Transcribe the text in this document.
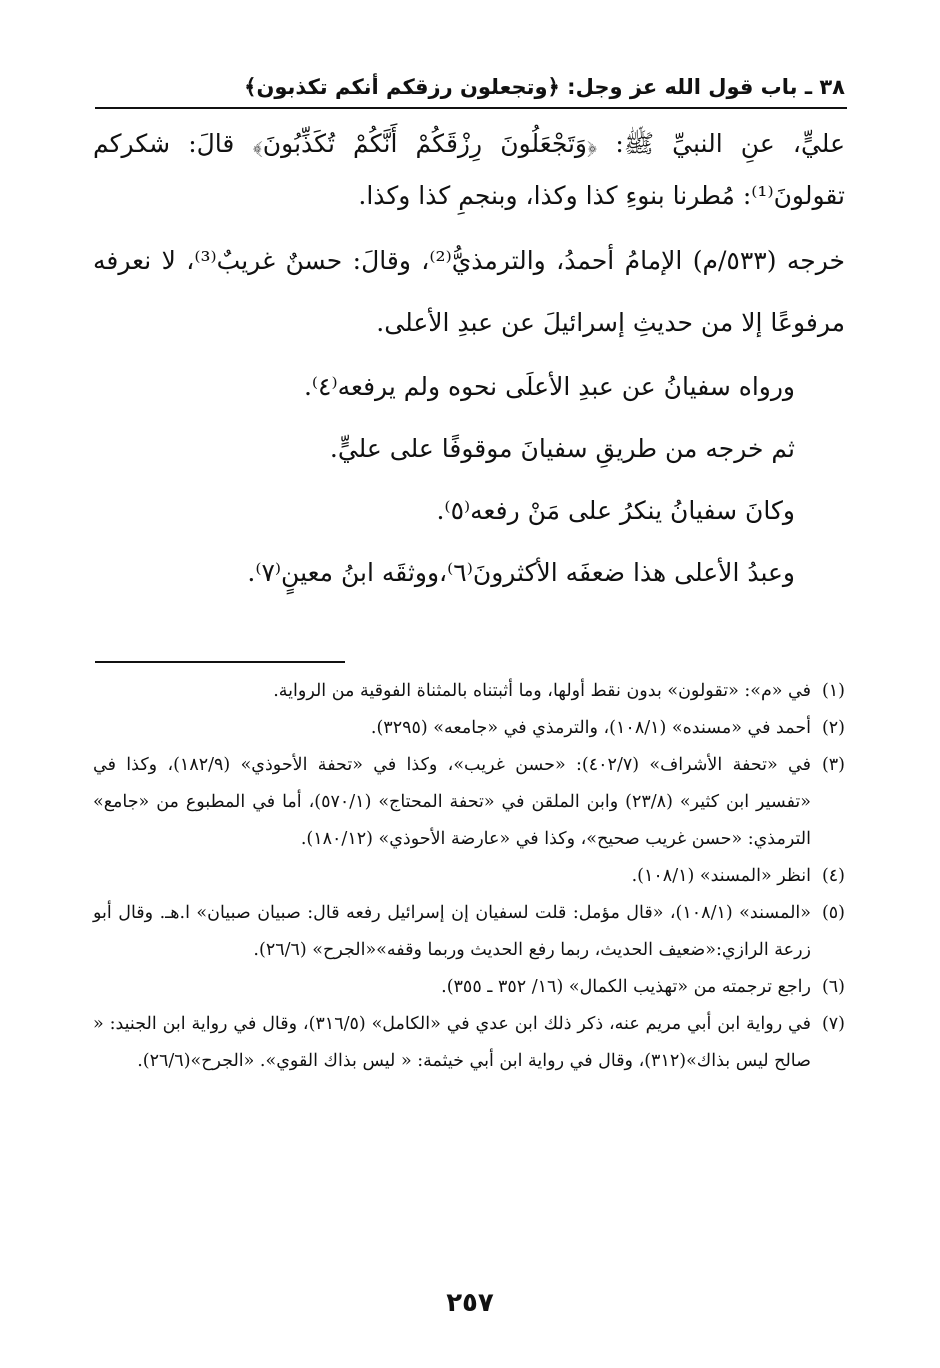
٣٨ ـ باب قول الله عز وجل: ﴿وتجعلون رزقكم أنكم تكذبون﴾

عليٍّ، عنِ النبيِّ ﷺ: ﴿وَتَجْعَلُونَ رِزْقَكُمْ أَنَّكُمْ تُكَذِّبُونَ﴾ قالَ: شكركم تقولونَ⁽¹⁾: مُطرنا بنوءِ كذا وكذا، وبنجمِ كذا وكذا.

خرجه (٥٣٣/م) الإمامُ أحمدُ، والترمذيُّ⁽²⁾، وقالَ: حسنٌ غريبٌ⁽³⁾، لا نعرفه مرفوعًا إلا من حديثِ إسرائيلَ عن عبدِ الأعلى.

ورواه سفيانُ عن عبدِ الأعلَى نحوه ولم يرفعه⁽٤⁾.

ثم خرجه من طريقِ سفيانَ موقوفًا على عليٍّ.

وكانَ سفيانُ ينكرُ على مَنْ رفعه⁽٥⁾.

وعبدُ الأعلى هذا ضعفَه الأكثرونَ⁽٦⁾،ووثقَه ابنُ معينٍ⁽٧⁾.

(١)
في «م»: «تقولون» بدون نقط أولها، وما أثبتناه بالمثناة الفوقية من الرواية.

(٢)
أحمد في «مسنده» (١٠٨/١)، والترمذي في «جامعه» (٣٢٩٥).

(٣)
في «تحفة الأشراف» (٤٠٢/٧): «حسن غريب»، وكذا في «تحفة الأحوذي» (١٨٢/٩)، وكذا في «تفسير ابن كثير» (٢٣/٨) وابن الملقن في «تحفة المحتاج» (٥٧٠/١)، أما في المطبوع من «جامع» الترمذي: «حسن غريب صحيح»، وكذا في «عارضة الأحوذي» (١٨٠/١٢).

(٤)
انظر «المسند» (١٠٨/١).

(٥)
«المسند» (١٠٨/١)، «قال مؤمل: قلت لسفيان إن إسرائيل رفعه قال: صبيان صبيان» ا.هـ. وقال أبو زرعة الرازي:«ضعيف الحديث، ربما رفع الحديث وربما وقفه»«الجرح» (٢٦/٦).

(٦)
راجع ترجمته من «تهذيب الكمال» (١٦/ ٣٥٢ ـ ٣٥٥).

(٧)
في رواية ابن أبي مريم عنه، ذكر ذلك ابن عدي في «الكامل» (٣١٦/٥)، وقال في رواية ابن الجنيد: « صالح ليس بذاك»(٣١٢)، وقال في رواية ابن أبي خيثمة: « ليس بذاك القوي». «الجرح»(٢٦/٦).

٢٥٧
